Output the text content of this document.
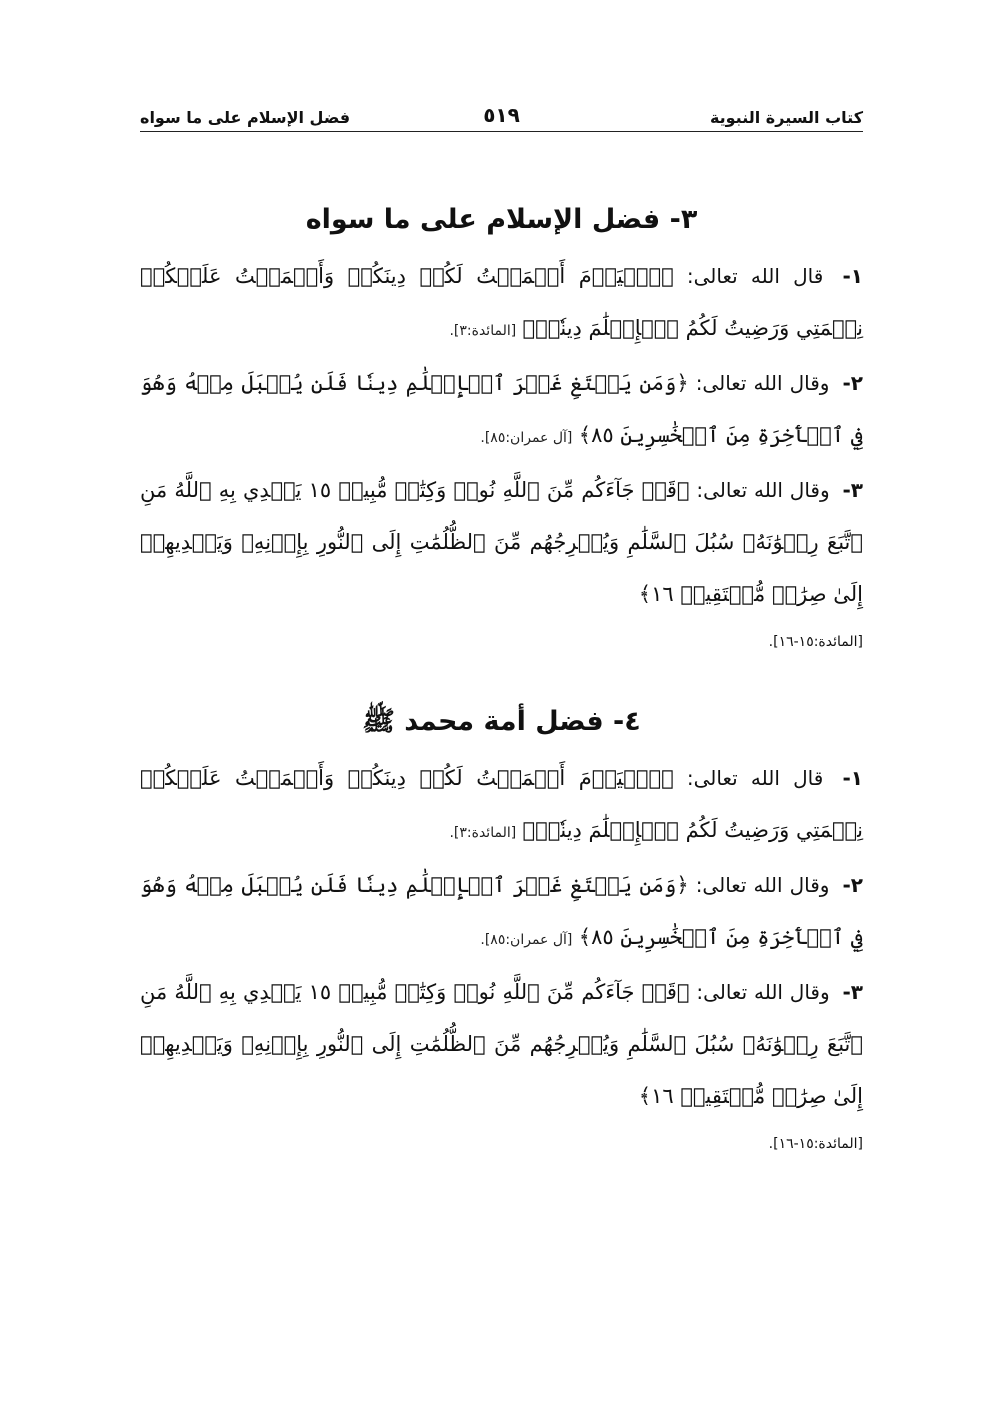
كتاب السيرة النبوية
٥١٩
فضل الإسلام على ما سواه
٣- فضل الإسلام على ما سواه

١- قال الله تعالى: ﴿ٱلۡيَوۡمَ أَكۡمَلۡتُ لَكُمۡ دِينَكُمۡ وَأَتۡمَمۡتُ عَلَيۡكُمۡ نِعۡمَتِي وَرَضِيتُ لَكُمُ ٱلۡإِسۡلَٰمَ دِينٗاۚ﴾ [المائدة:٣].

٢- وقال الله تعالى: ﴿وَمَن يَبۡتَغِ غَيۡرَ ٱلۡإِسۡلَٰمِ دِينٗا فَلَن يُقۡبَلَ مِنۡهُ وَهُوَ فِي ٱلۡأٓخِرَةِ مِنَ ٱلۡخَٰسِرِينَ ٨٥﴾ [آل عمران:٨٥].

٣- وقال الله تعالى: ﴿قَدۡ جَآءَكُم مِّنَ ٱللَّهِ نُورٞ وَكِتَٰبٞ مُّبِينٞ ١٥ يَهۡدِي بِهِ ٱللَّهُ مَنِ ٱتَّبَعَ رِضۡوَٰنَهُۥ سُبُلَ ٱلسَّلَٰمِ وَيُخۡرِجُهُم مِّنَ ٱلظُّلُمَٰتِ إِلَى ٱلنُّورِ بِإِذۡنِهِۦ وَيَهۡدِيهِمۡ إِلَىٰ صِرَٰطٖ مُّسۡتَقِيمٖ ١٦﴾

[المائدة:١٥-١٦].

٤- فضل أمة محمد ﷺ

١- قال الله تعالى: ﴿ٱلۡيَوۡمَ أَكۡمَلۡتُ لَكُمۡ دِينَكُمۡ وَأَتۡمَمۡتُ عَلَيۡكُمۡ نِعۡمَتِي وَرَضِيتُ لَكُمُ ٱلۡإِسۡلَٰمَ دِينٗاۚ﴾ [المائدة:٣].

٢- وقال الله تعالى: ﴿وَمَن يَبۡتَغِ غَيۡرَ ٱلۡإِسۡلَٰمِ دِينٗا فَلَن يُقۡبَلَ مِنۡهُ وَهُوَ فِي ٱلۡأٓخِرَةِ مِنَ ٱلۡخَٰسِرِينَ ٨٥﴾ [آل عمران:٨٥].

٣- وقال الله تعالى: ﴿قَدۡ جَآءَكُم مِّنَ ٱللَّهِ نُورٞ وَكِتَٰبٞ مُّبِينٞ ١٥ يَهۡدِي بِهِ ٱللَّهُ مَنِ ٱتَّبَعَ رِضۡوَٰنَهُۥ سُبُلَ ٱلسَّلَٰمِ وَيُخۡرِجُهُم مِّنَ ٱلظُّلُمَٰتِ إِلَى ٱلنُّورِ بِإِذۡنِهِۦ وَيَهۡدِيهِمۡ إِلَىٰ صِرَٰطٖ مُّسۡتَقِيمٖ ١٦﴾

[المائدة:١٥-١٦].
